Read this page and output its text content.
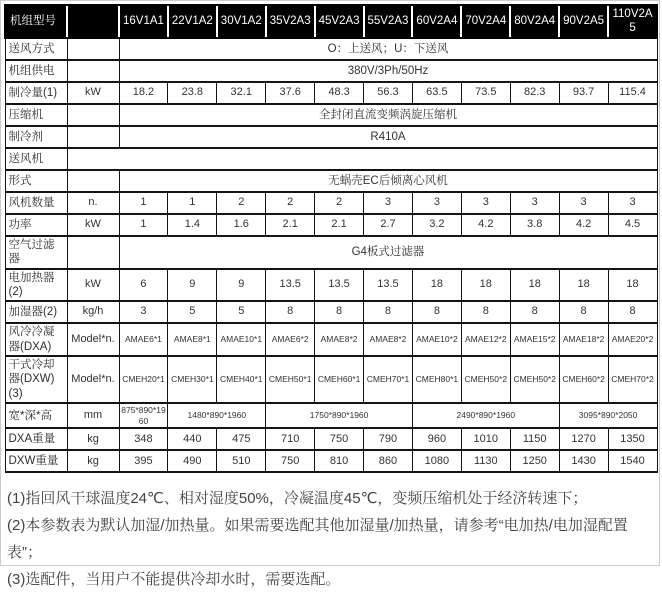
机组型号		16V1A1	22V1A2	30V1A2	35V2A3	45V2A3	55V2A3	60V2A4	70V2A4	80V2A4	90V2A5	110V2A5
送风方式		O：上送风；U：下送风										
机组供电		380V/3Ph/50Hz										
制冷量(1)	kW	18.2	23.8	32.1	37.6	48.3	56.3	63.5	73.5	82.3	93.7	115.4
压缩机		全封闭直流变频涡旋压缩机										
制冷剂		R410A										
送风机												
形式		无蜗壳EC后倾离心风机										
风机数量	n.	1	1	2	2	2	3	3	3	3	3	3
功率	kW	1	1.4	1.6	2.1	2.1	2.7	3.2	4.2	3.8	4.2	4.5
空气过滤器		G4板式过滤器										
电加热器(2)	kW	6	9	9	13.5	13.5	13.5	18	18	18	18	18
加湿器(2)	kg/h	3	5	5	8	8	8	8	8	8	8	8
风冷冷凝器(DXA)	Model*n.	AMAE6*1	AMAE8*1	AMAE10*1	AMAE6*2	AMAE8*2	AMAE8*2	AMAE10*2	AMAE12*2	AMAE15*2	AMAE18*2	AMAE20*2
干式冷却器(DXW)(3)	Model*n.	CMEH20*1	CMEH30*1	CMEH40*1	CMEH50*1	CMEH60*1	CMEH70*1	CMEH80*1	CMEH50*2	CMEH50*2	CMEH60*2	CMEH70*2
宽*深*高	mm	875*890*1960	1480*890*1960		1750*890*1960			2490*890*1960			3095*890*2050	
DXA重量	kg	348	440	475	710	750	790	960	1010	1150	1270	1350
DXW重量	kg	395	490	510	750	810	860	1080	1130	1250	1430	1540

(1)指回风干球温度24℃、相对湿度50%，冷凝温度45℃，变频压缩机处于经济转速下；

(2)本参数表为默认加湿/加热量。如果需要选配其他加湿量/加热量，请参考“电加热/电加湿配置表”；

(3)选配件，当用户不能提供冷却水时，需要选配。
